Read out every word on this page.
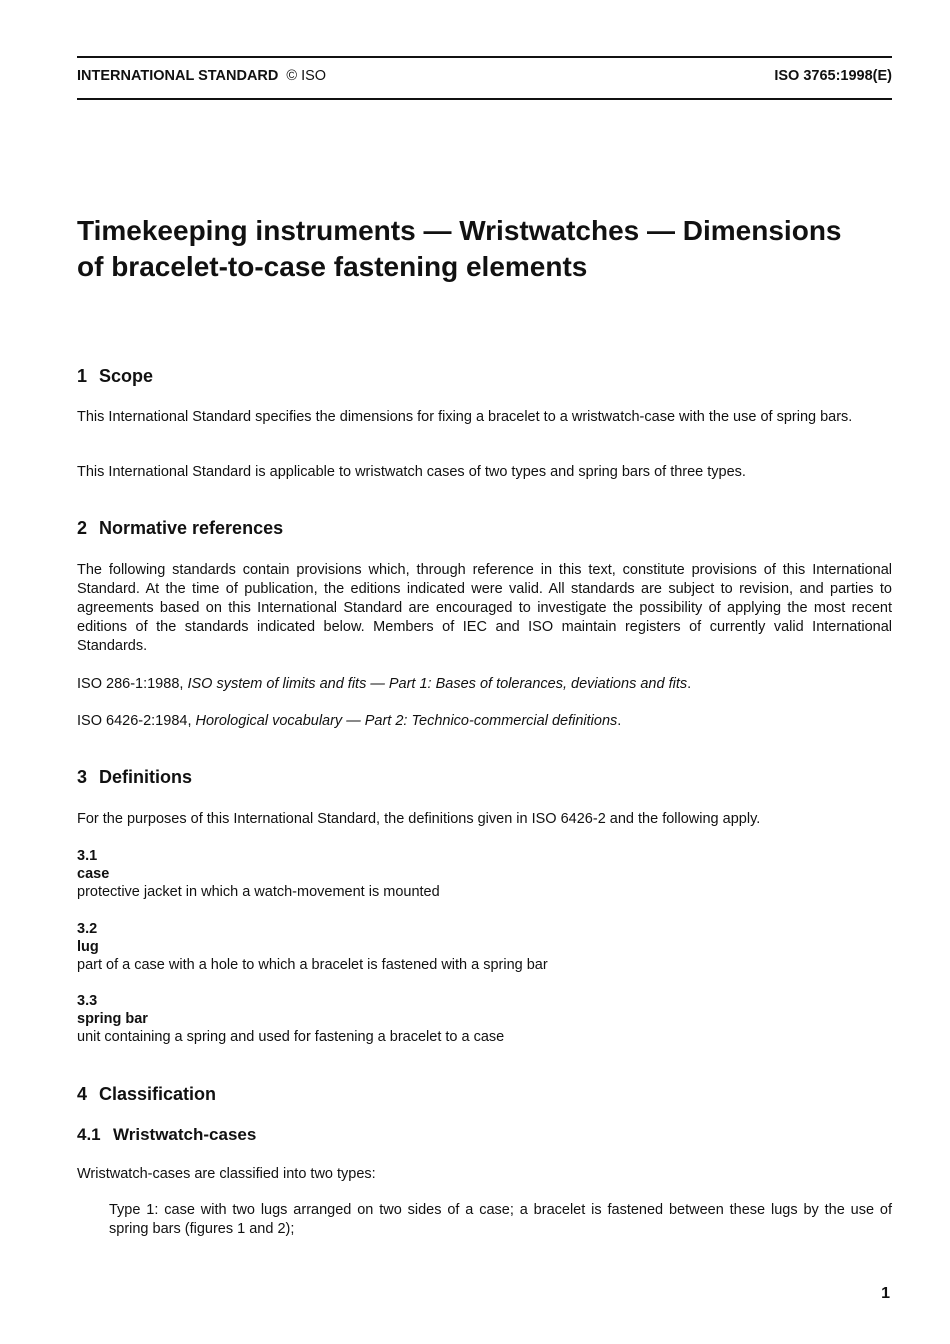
INTERNATIONAL STANDARD © ISO	ISO 3765:1998(E)
Timekeeping instruments — Wristwatches — Dimensions
of bracelet-to-case fastening elements
1 Scope

This International Standard specifies the dimensions for fixing a bracelet to a wristwatch-case with the use of spring bars.

This International Standard is applicable to wristwatch cases of two types and spring bars of three types.

2 Normative references

The following standards contain provisions which, through reference in this text, constitute provisions of this International Standard. At the time of publication, the editions indicated were valid. All standards are subject to revision, and parties to agreements based on this International Standard are encouraged to investigate the possibility of applying the most recent editions of the standards indicated below. Members of IEC and ISO maintain registers of currently valid International Standards.

ISO 286-1:1988, ISO system of limits and fits — Part 1: Bases of tolerances, deviations and fits.

ISO 6426-2:1984, Horological vocabulary — Part 2: Technico-commercial definitions.

3 Definitions

For the purposes of this International Standard, the definitions given in ISO 6426-2 and the following apply.

3.1

case

protective jacket in which a watch-movement is mounted

3.2

lug

part of a case with a hole to which a bracelet is fastened with a spring bar

3.3

spring bar

unit containing a spring and used for fastening a bracelet to a case

4 Classification
4.1 Wristwatch-cases

Wristwatch-cases are classified into two types:

Type 1: case with two lugs arranged on two sides of a case; a bracelet is fastened between these lugs by the use of spring bars (figures 1 and 2);

1
